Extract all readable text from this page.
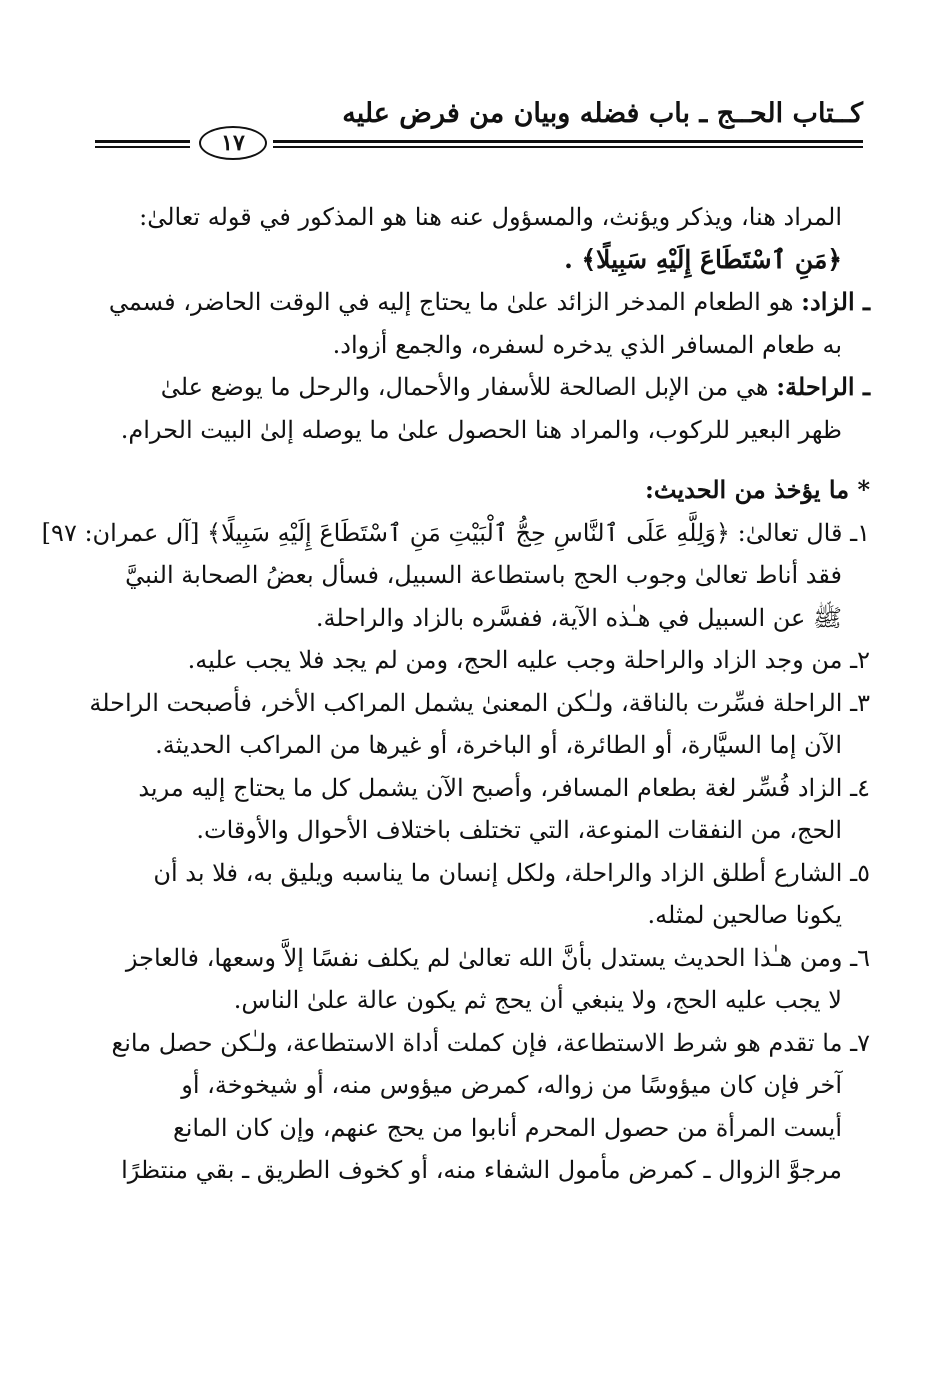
كــتاب الحــج ـ باب فضله وبيان من فرض عليه
١٧
المراد هنا، ويذكر ويؤنث، والمسؤول عنه هنا هو المذكور في قوله تعالىٰ:
﴿مَنِ ٱسْتَطَاعَ إِلَيْهِ سَبِيلًا﴾ .
ـ الزاد: هو الطعام المدخر الزائد علىٰ ما يحتاج إليه في الوقت الحاضر، فسمي
به طعام المسافر الذي يدخره لسفره، والجمع أزواد.
ـ الراحلة: هي من الإبل الصالحة للأسفار والأحمال، والرحل ما يوضع علىٰ
ظهر البعير للركوب، والمراد هنا الحصول علىٰ ما يوصله إلىٰ البيت الحرام.
* ما يؤخذ من الحديث:
١ـ قال تعالىٰ: ﴿وَلِلَّهِ عَلَى ٱلنَّاسِ حِجُّ ٱلْبَيْتِ مَنِ ٱسْتَطَاعَ إِلَيْهِ سَبِيلًا﴾ [آل عمران: ٩٧]
فقد أناط تعالىٰ وجوب الحج باستطاعة السبيل، فسأل بعضُ الصحابة النبيَّ
ﷺ عن السبيل في هـٰذه الآية، ففسَّره بالزاد والراحلة.
٢ـ من وجد الزاد والراحلة وجب عليه الحج، ومن لم يجد فلا يجب عليه.
٣ـ الراحلة فسِّرت بالناقة، ولـٰكن المعنىٰ يشمل المراكب الأخر، فأصبحت الراحلة
الآن إما السيَّارة، أو الطائرة، أو الباخرة، أو غيرها من المراكب الحديثة.
٤ـ الزاد فُسِّر لغة بطعام المسافر، وأصبح الآن يشمل كل ما يحتاج إليه مريد
الحج، من النفقات المنوعة، التي تختلف باختلاف الأحوال والأوقات.
٥ـ الشارع أطلق الزاد والراحلة، ولكل إنسان ما يناسبه ويليق به، فلا بد أن
يكونا صالحين لمثله.
٦ـ ومن هـٰذا الحديث يستدل بأنَّ الله تعالىٰ لم يكلف نفسًا إلاَّ وسعها، فالعاجز
لا يجب عليه الحج، ولا ينبغي أن يحج ثم يكون عالة علىٰ الناس.
٧ـ ما تقدم هو شرط الاستطاعة، فإن كملت أداة الاستطاعة، ولـٰكن حصل مانع
آخر فإن كان ميؤوسًا من زواله، كمرض ميؤوس منه، أو شيخوخة، أو
أيست المرأة من حصول المحرم أنابوا من يحج عنهم، وإن كان المانع
مرجوَّ الزوال ـ كمرض مأمول الشفاء منه، أو كخوف الطريق ـ بقي منتظرًا
